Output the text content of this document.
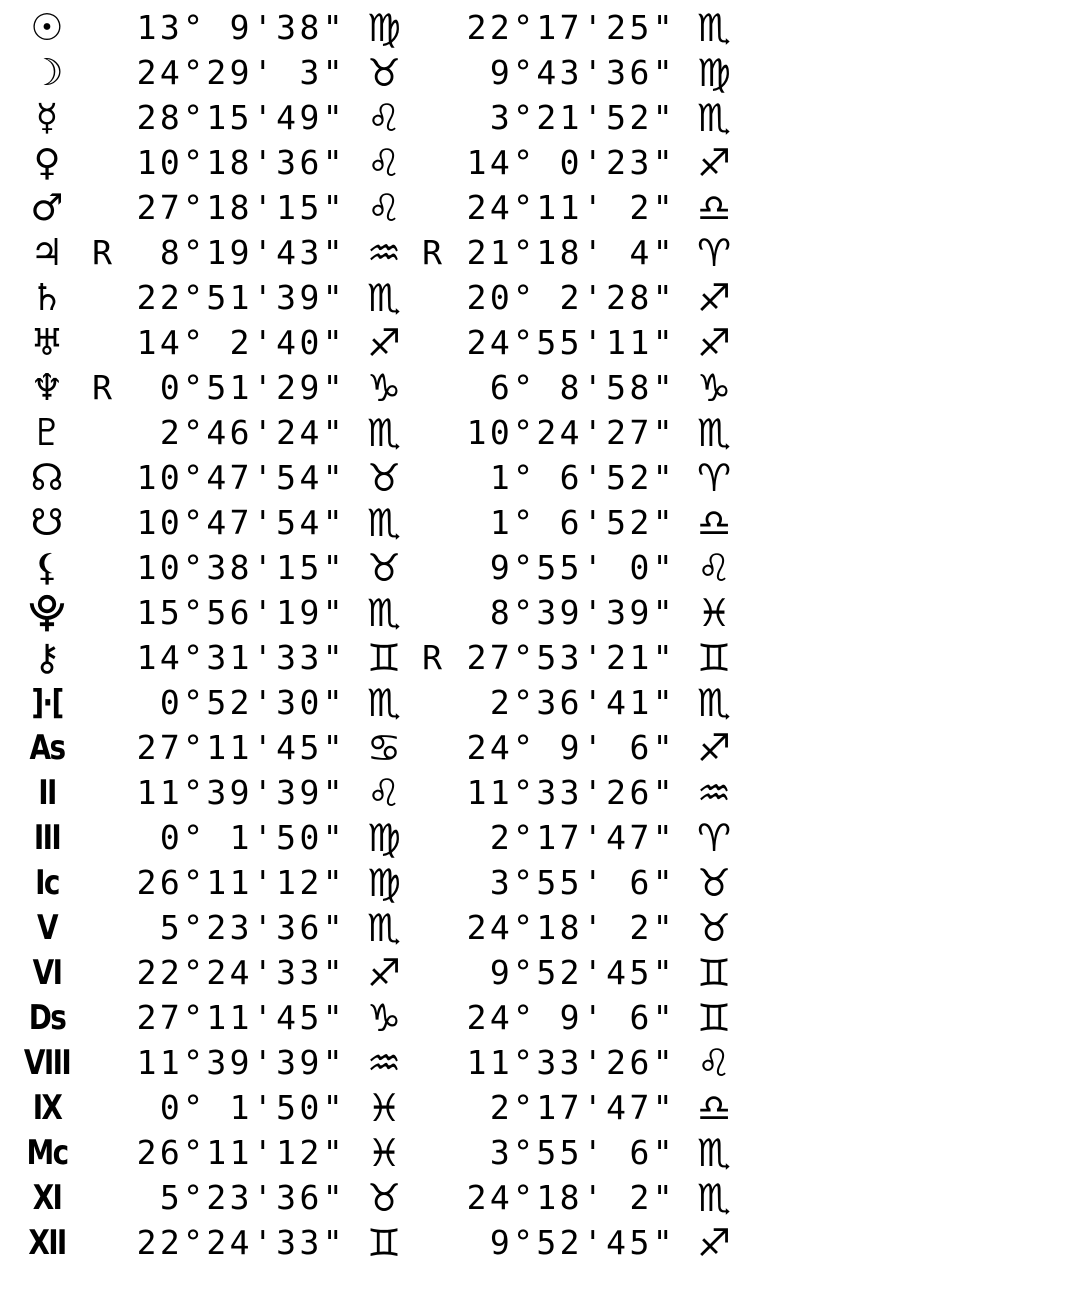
☉	13° 9'38" ♍ 22°17'25" ♏
☽	24°29' 3" ♉	9°43'36" ♍
☿	28°15'49" ♌	3°21'52" ♏
♀	10°18'36" ♌ 14° 0'23" ♐
♂	27°18'15" ♌ 24°11' 2" ♎
♃ R	8°19'43" ♒ R 21°18' 4" ♈
♄	22°51'39" ♏ 20° 2'28" ♐
♅	14° 2'40" ♐ 24°55'11" ♐
♆ R	0°51'29" ♑	6° 8'58" ♑
♇	2°46'24" ♏ 10°24'27" ♏
☊	10°47'54" ♉	1° 6'52" ♈
☋	10°47'54" ♏	1° 6'52" ♎
⚸	10°38'15" ♉	9°55' 0" ♌
⯓	15°56'19" ♏	8°39'39" ♓
⚷	14°31'33" ♊ R 27°53'21" ♊
]·[	0°52'30" ♏	2°36'41" ♏
As 27°11'45" ♋ 24° 9' 6" ♐
II	11°39'39" ♌ 11°33'26" ♒
III	0° 1'50" ♍	2°17'47" ♈
Ic	26°11'12" ♍	3°55' 6" ♉
V	5°23'36" ♏ 24°18' 2" ♉
VI 22°24'33" ♐	9°52'45" ♊
Ds 27°11'45" ♑ 24° 9' 6" ♊
VIII 11°39'39" ♒ 11°33'26" ♌
IX	0° 1'50" ♓	2°17'47" ♎
Mc 26°11'12" ♓	3°55' 6" ♏
XI	5°23'36" ♉ 24°18' 2" ♏
XII 22°24'33" ♊	9°52'45" ♐
